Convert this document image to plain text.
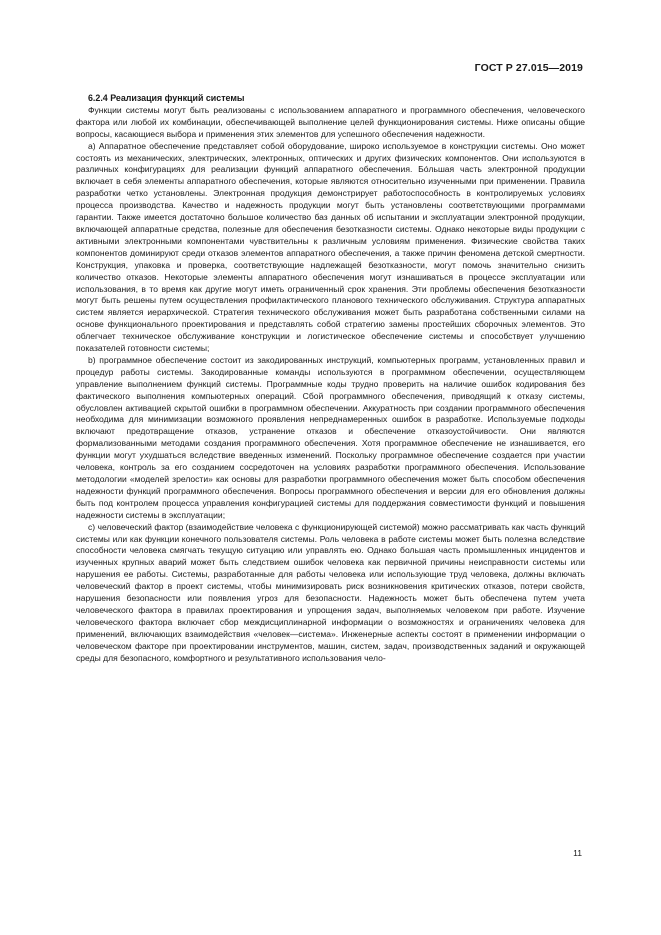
ГОСТ Р 27.015—2019

6.2.4 Реализация функций системы

Функции системы могут быть реализованы с использованием аппаратного и программного обеспечения, человеческого фактора или любой их комбинации, обеспечивающей выполнение целей функционирования системы. Ниже описаны общие вопросы, касающиеся выбора и применения этих элементов для успешного обеспечения надежности.

а) Аппаратное обеспечение представляет собой оборудование, широко используемое в конструкции системы. Оно может состоять из механических, электрических, электронных, оптических и других физических компонентов. Они используются в различных конфигурациях для реализации функций аппаратного обеспечения. Бóльшая часть электронной продукции включает в себя элементы аппаратного обеспечения, которые являются относительно изученными при применении. Правила разработки четко установлены. Электронная продукция демонстрирует работоспособность в контролируемых условиях процесса производства. Качество и надежность продукции могут быть установлены соответствующими программами гарантии. Также имеется достаточно большое количество баз данных об испытании и эксплуатации электронной продукции, включающей аппаратные средства, полезные для обеспечения безотказности системы. Однако некоторые виды продукции с активными электронными компонентами чувствительны к различным условиям применения. Физические свойства таких компонентов доминируют среди отказов элементов аппаратного обеспечения, а также причин феномена детской смертности. Конструкция, упаковка и проверка, соответствующие надлежащей безотказности, могут помочь значительно снизить количество отказов. Некоторые элементы аппаратного обеспечения могут изнашиваться в процессе эксплуатации или использования, в то время как другие могут иметь ограниченный срок хранения. Эти проблемы обеспечения безотказности могут быть решены путем осуществления профилактического планового технического обслуживания. Структура аппаратных систем является иерархической. Стратегия технического обслуживания может быть разработана собственными силами на основе функционального проектирования и представлять собой стратегию замены простейших сборочных элементов. Это облегчает техническое обслуживание конструкции и логистическое обеспечение системы и способствует улучшению показателей готовности системы;

b) программное обеспечение состоит из закодированных инструкций, компьютерных программ, установленных правил и процедур работы системы. Закодированные команды используются в программном обеспечении, осуществляющем управление выполнением функций системы. Программные коды трудно проверить на наличие ошибок кодирования без фактического выполнения компьютерных операций. Сбой программного обеспечения, приводящий к отказу системы, обусловлен активацией скрытой ошибки в программном обеспечении. Аккуратность при создании программного обеспечения необходима для минимизации возможного проявления непреднамеренных ошибок в разработке. Используемые подходы включают предотвращение отказов, устранение отказов и обеспечение отказоустойчивости. Они являются формализованными методами создания программного обеспечения. Хотя программное обеспечение не изнашивается, его функции могут ухудшаться вследствие введенных изменений. Поскольку программное обеспечение создается при участии человека, контроль за его созданием сосредоточен на условиях разработки программного обеспечения. Использование методологии «моделей зрелости» как основы для разработки программного обеспечения может быть способом обеспечения надежности функций программного обеспечения. Вопросы программного обеспечения и версии для его обновления должны быть под контролем процесса управления конфигурацией системы для поддержания совместимости функций и повышения надежности системы в эксплуатации;

c) человеческий фактор (взаимодействие человека с функционирующей системой) можно рассматривать как часть функций системы или как функции конечного пользователя системы. Роль человека в работе системы может быть полезна вследствие способности человека смягчать текущую ситуацию или управлять ею. Однако большая часть промышленных инцидентов и изученных крупных аварий может быть следствием ошибок человека как первичной причины неисправности системы или нарушения ее работы. Системы, разработанные для работы человека или использующие труд человека, должны включать человеческий фактор в проект системы, чтобы минимизировать риск возникновения критических отказов, потери свойств, нарушения безопасности или появления угроз для безопасности. Надежность может быть обеспечена путем учета человеческого фактора в правилах проектирования и упрощения задач, выполняемых человеком при работе. Изучение человеческого фактора включает сбор междисциплинарной информации о возможностях и ограничениях человека для применений, включающих взаимодействия «человек—система». Инженерные аспекты состоят в применении информации о человеческом факторе при проектировании инструментов, машин, систем, задач, производственных заданий и окружающей среды для безопасного, комфортного и результативного использования чело-

11
